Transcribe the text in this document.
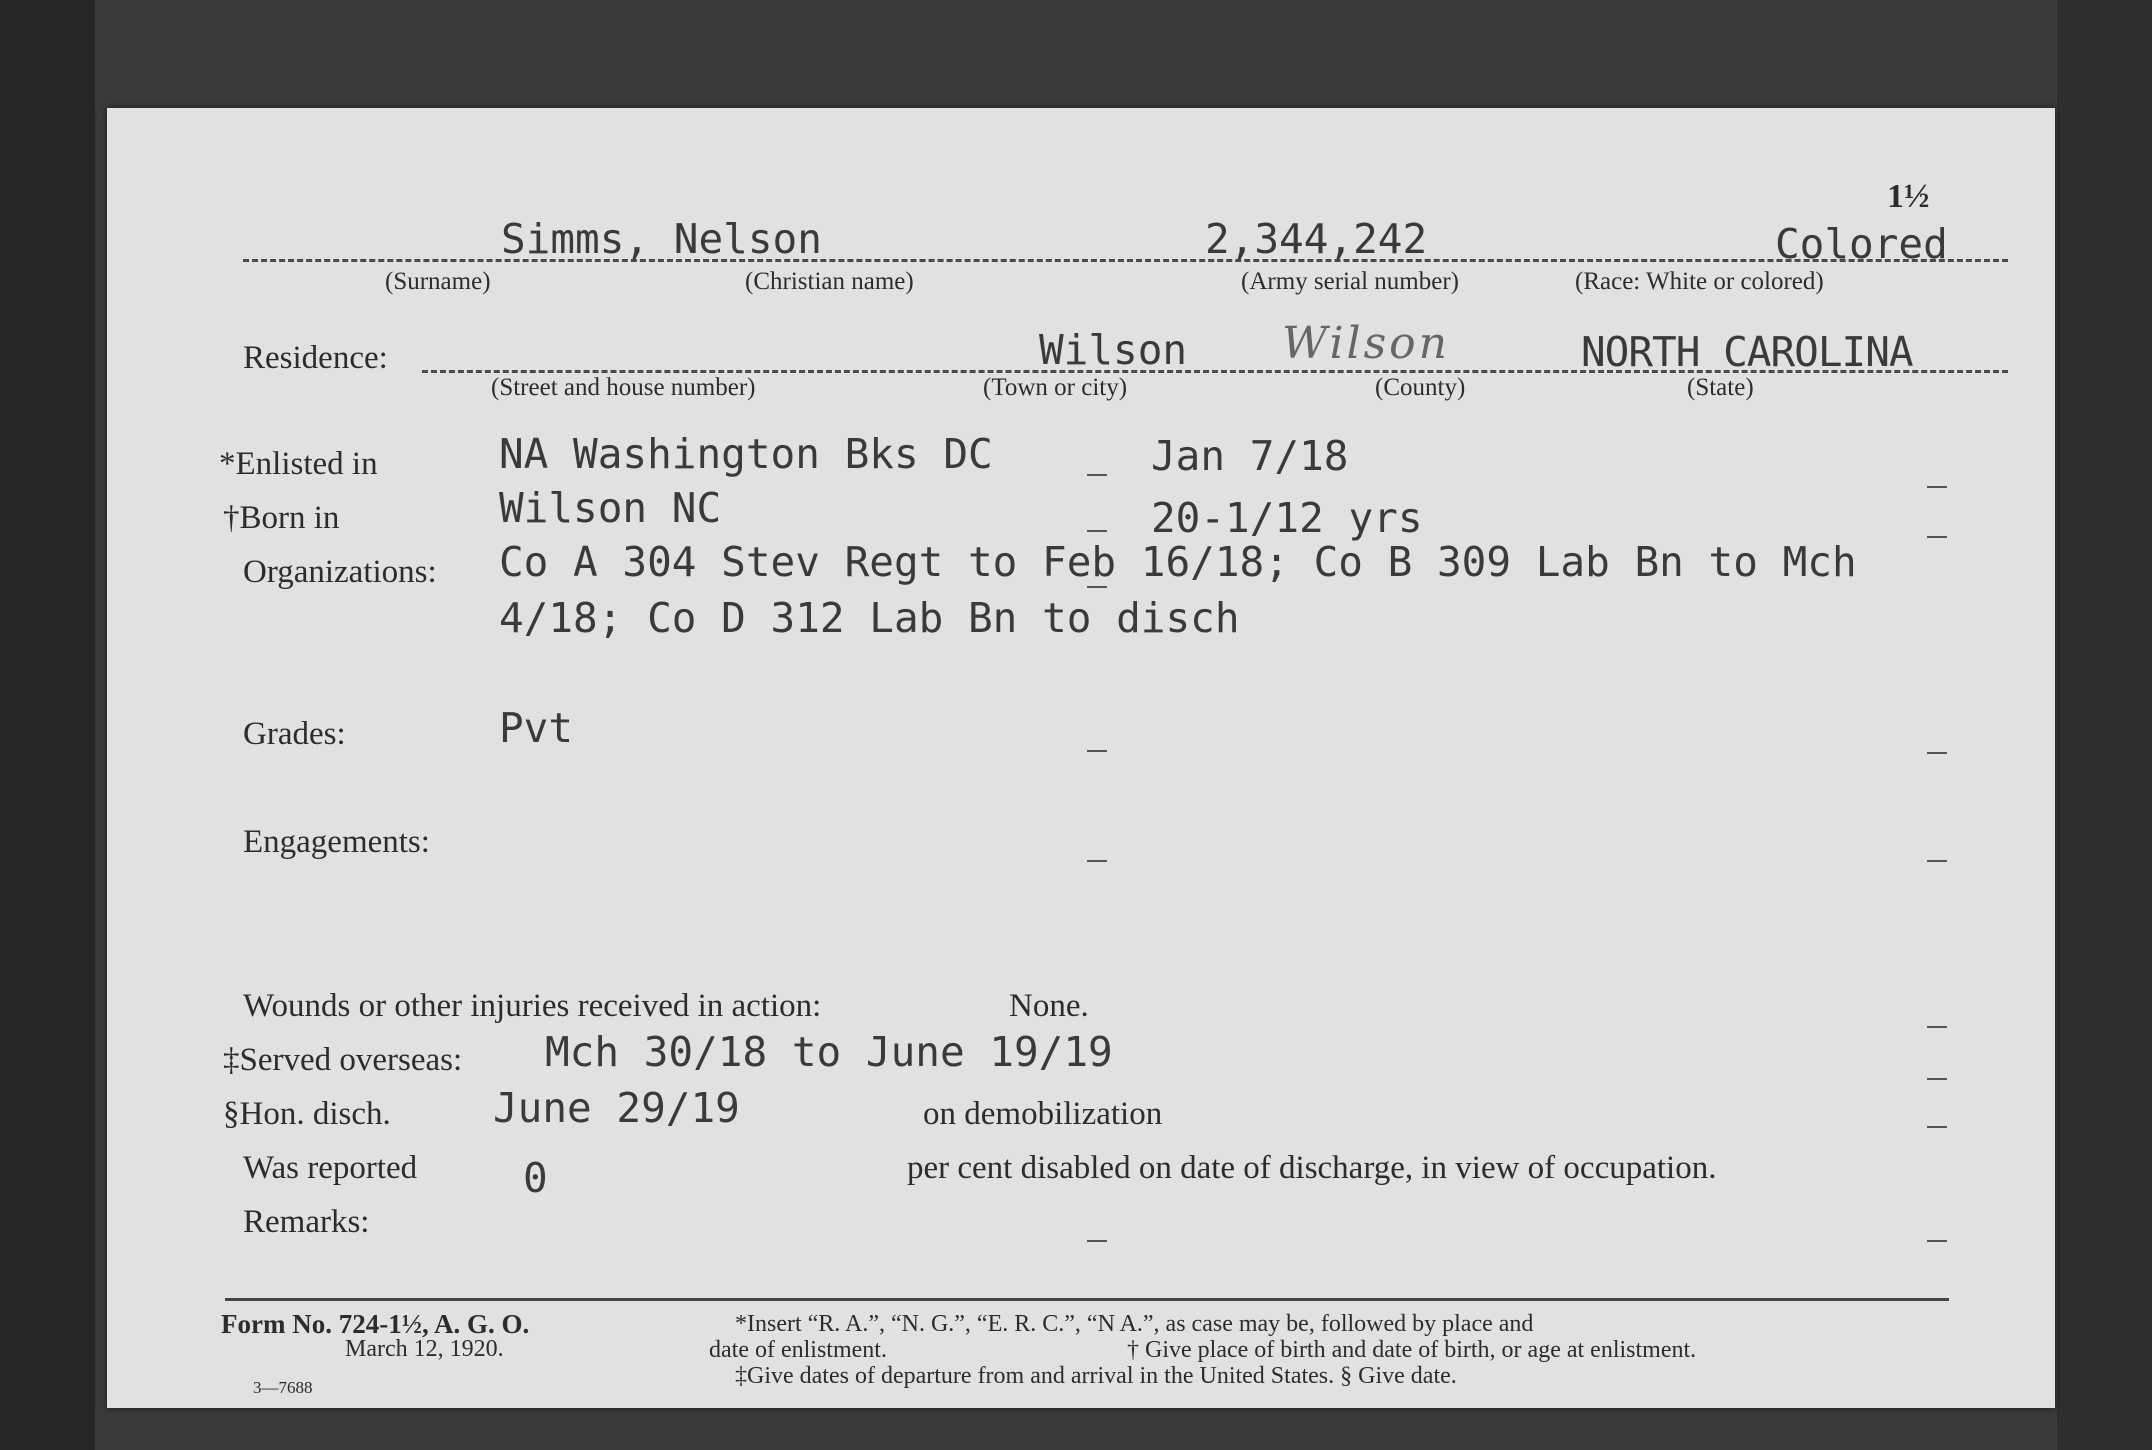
1½
Simms, Nelson	2,344,242	Colored
(Surname)	(Christian name)	(Army serial number)	(Race: White or colored)
Residence:	Wilson Wilson	NORTH CAROLINA
(Street and house number)	(Town or city)	(County)	(State)
*Enlisted in	NA Washington Bks DC	Jan 7/18
†Born in	Wilson NC	20-1/12 yrs
Organizations: Co A 304 Stev Regt to Feb 16/18; Co B 309 Lab Bn to Mch
4/18; Co D 312 Lab Bn to disch
Grades:	Pvt
Engagements:
Wounds or other injuries received in action:	None.
‡Served overseas: Mch 30/18 to June 19/19
§Hon. disch. June 29/19	on demobilization
Was reported	0	per cent disabled on date of discharge, in view of occupation.
Remarks:
Form No. 724-1½, A. G. O.
March 12, 1920.
3—7688
*Insert “R. A.”, “N. G.”, “E. R. C.”, “N A.”, as case may be, followed by place and
date of enlistment.	† Give place of birth and date of birth, or age at enlistment.
‡Give dates of departure from and arrival in the United States. § Give date.
